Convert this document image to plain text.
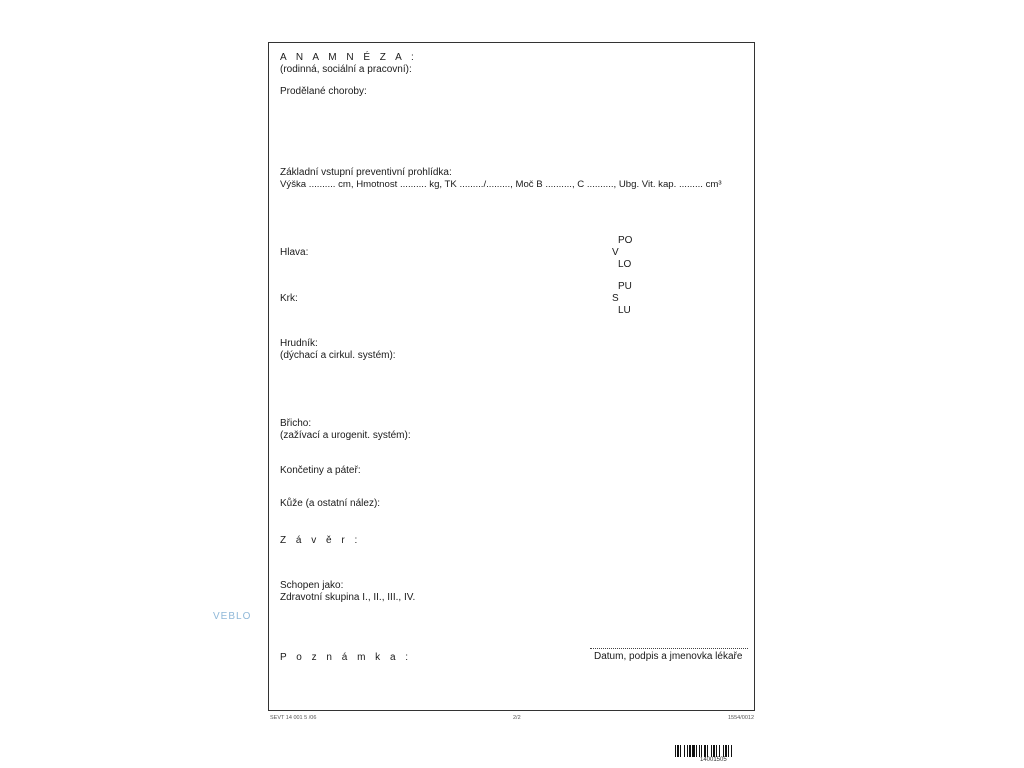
A N A M N É Z A :
(rodinná, sociální a pracovní):
Prodělané choroby:
Základní vstupní preventivní prohlídka:
Výška .......... cm, Hmotnost .......... kg, TK ........./........., Moč B .........., C .........., Ubg. Vit. kap. ......... cm³
Hlava:
PO
V
LO
Krk:
PU
S
LU
Hrudník:
(dýchací a cirkul. systém):
Břicho:
(zažívací a urogenit. systém):
Končetiny a páteř:
Kůže (a ostatní nález):
Z á v ě r :
Schopen jako:
Zdravotní skupina I., II., III., IV.
Datum, podpis a jmenovka lékaře
P o z n á m k a :
SEVT 14 001 5 /06	2/2	1554/0012
VEBLO
14001505
